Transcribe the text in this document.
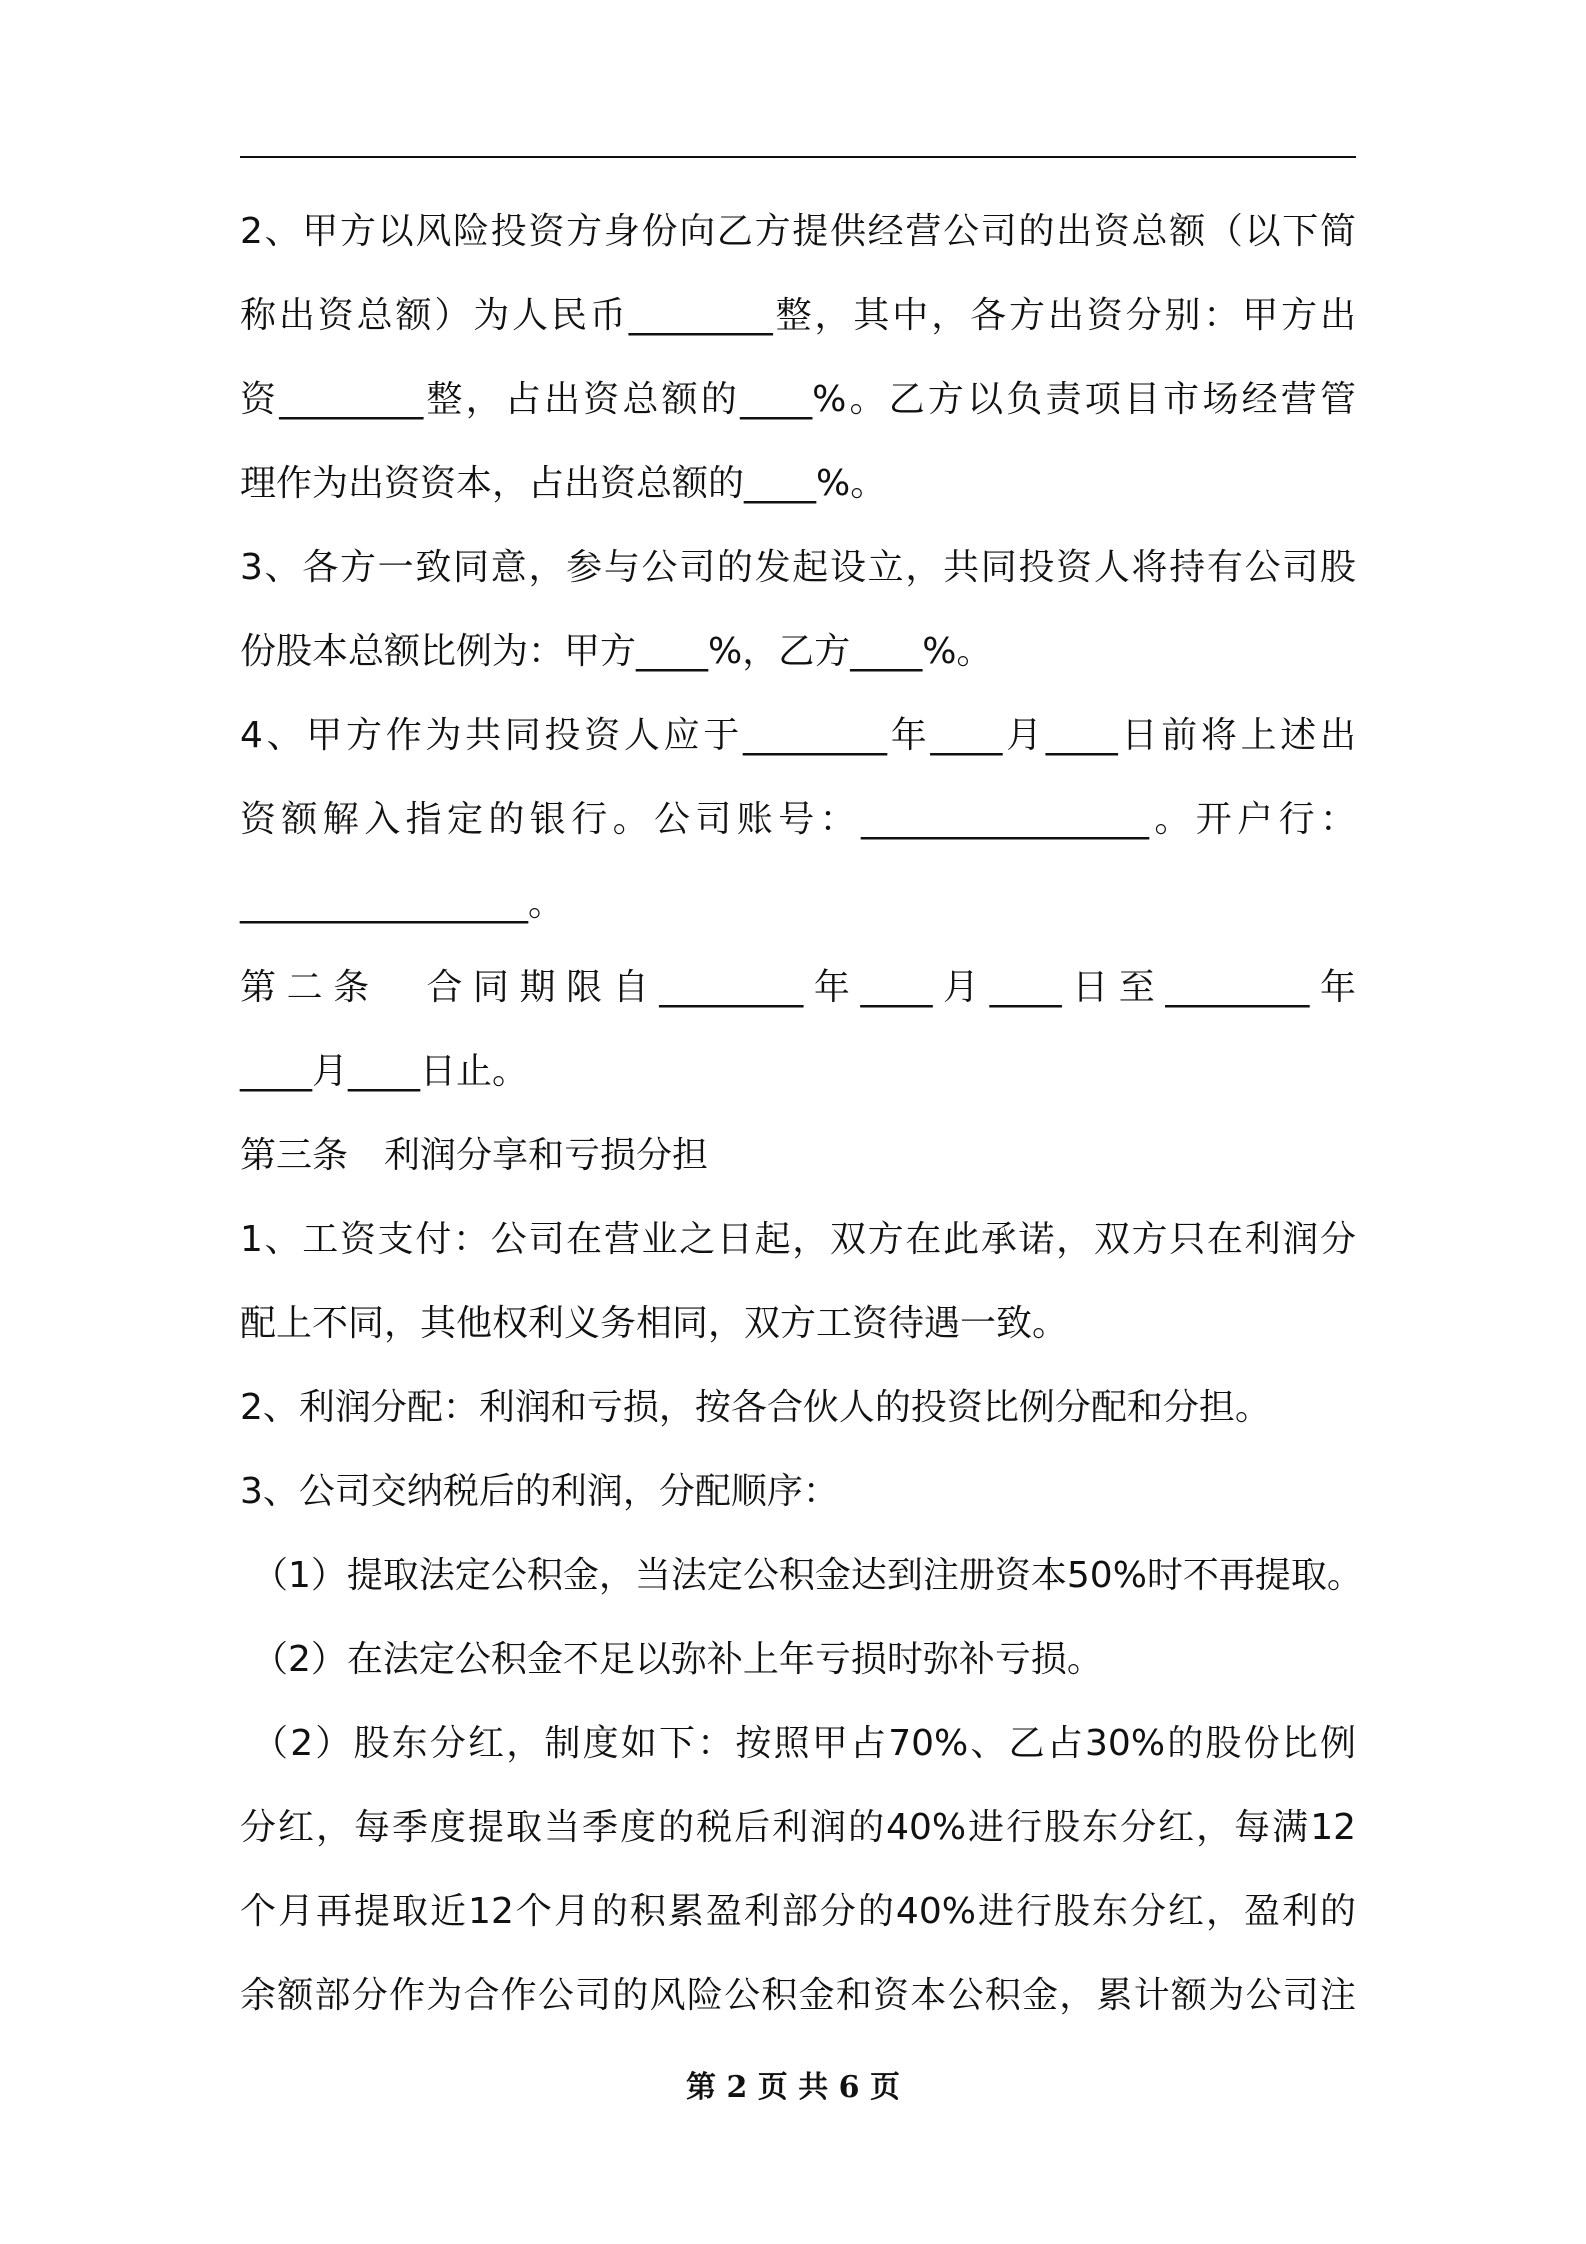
2、甲方以风险投资方身份向乙方提供经营公司的出资总额（以下简
称出资总额）为人民币________整，其中，各方出资分别：甲方出
资________整，占出资总额的____%。乙方以负责项目市场经营管
理作为出资资本，占出资总额的____%。
3、各方一致同意，参与公司的发起设立，共同投资人将持有公司股
份股本总额比例为：甲方____%，乙方____%。
4、甲方作为共同投资人应于________年____月____日前将上述出
资额解入指定的银行。公司账号：________________。开户行：
________________。
第二条　合同期限自________年____月____日至________年
____月____日止。
第三条　利润分享和亏损分担
1、工资支付：公司在营业之日起，双方在此承诺，双方只在利润分
配上不同，其他权利义务相同，双方工资待遇一致。
2、利润分配：利润和亏损，按各合伙人的投资比例分配和分担。
3、公司交纳税后的利润，分配顺序：
（1）提取法定公积金，当法定公积金达到注册资本50%时不再提取。
（2）在法定公积金不足以弥补上年亏损时弥补亏损。
（2）股东分红，制度如下：按照甲占70%、乙占30%的股份比例
分红，每季度提取当季度的税后利润的40%进行股东分红，每满12
个月再提取近12个月的积累盈利部分的40%进行股东分红，盈利的
余额部分作为合作公司的风险公积金和资本公积金，累计额为公司注
第 2 页 共 6 页
